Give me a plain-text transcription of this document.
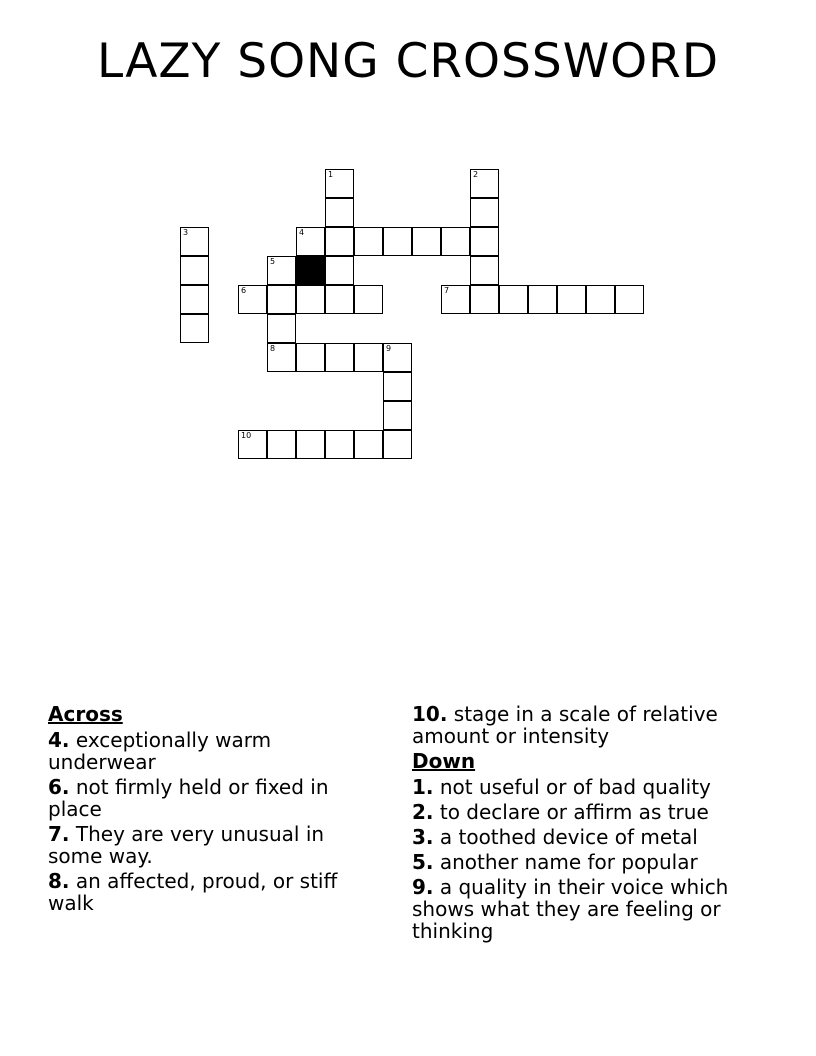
LAZY SONG CROSSWORD
1	2
3	4
5
6	7
8	9
10
Across
4. exceptionally warm underwear
6. not firmly held or fixed in place
7. They are very unusual in some way.
8. an affected, proud, or stiff walk
10. stage in a scale of relative amount or intensity
Down
1. not useful or of bad quality
2. to declare or affirm as true
3. a toothed device of metal
5. another name for popular
9. a quality in their voice which shows what they are feeling or thinking
